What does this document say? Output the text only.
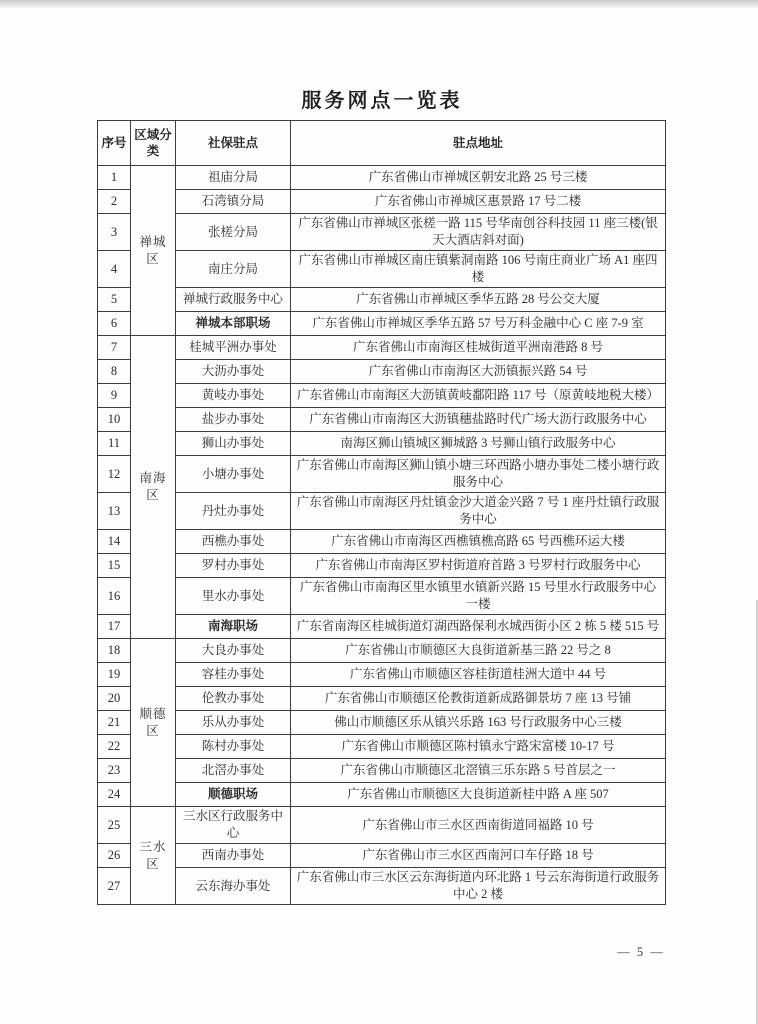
服务网点一览表
序号	区域分类	社保驻点	驻点地址
1	禅城区	祖庙分局	广东省佛山市禅城区朝安北路 25 号三楼
2		石湾镇分局	广东省佛山市禅城区惠景路 17 号二楼
3		张槎分局	广东省佛山市禅城区张槎一路 115 号华南创谷科技园 11 座三楼(银天大酒店斜对面)
4		南庄分局	广东省佛山市禅城区南庄镇紫洞南路 106 号南庄商业广场 A1 座四楼
5		禅城行政服务中心	广东省佛山市禅城区季华五路 28 号公交大厦
6		禅城本部职场	广东省佛山市禅城区季华五路 57 号万科金融中心 C 座 7-9 室
7	南海区	桂城平洲办事处	广东省佛山市南海区桂城街道平洲南港路 8 号
8		大沥办事处	广东省佛山市南海区大沥镇振兴路 54 号
9		黄岐办事处	广东省佛山市南海区大沥镇黄岐鄱阳路 117 号（原黄岐地税大楼）
10		盐步办事处	广东省佛山市南海区大沥镇穗盐路时代广场大沥行政服务中心
11		狮山办事处	南海区狮山镇城区狮城路 3 号狮山镇行政服务中心
12		小塘办事处	广东省佛山市南海区狮山镇小塘三环西路小塘办事处二楼小塘行政服务中心
13		丹灶办事处	广东省佛山市南海区丹灶镇金沙大道金兴路 7 号 1 座丹灶镇行政服务中心
14		西樵办事处	广东省佛山市南海区西樵镇樵高路 65 号西樵环运大楼
15		罗村办事处	广东省佛山市南海区罗村街道府首路 3 号罗村行政服务中心
16		里水办事处	广东省佛山市南海区里水镇里水镇新兴路 15 号里水行政服务中心一楼
17		南海职场	广东省南海区桂城街道灯湖西路保利水城西街小区 2 栋 5 楼 515 号
18	顺德区	大良办事处	广东省佛山市顺德区大良街道新基三路 22 号之 8
19		容桂办事处	广东省佛山市顺德区容桂街道桂洲大道中 44 号
20		伦教办事处	广东省佛山市顺德区伦教街道新成路御景坊 7 座 13 号铺
21		乐从办事处	佛山市顺德区乐从镇兴乐路 163 号行政服务中心三楼
22		陈村办事处	广东省佛山市顺德区陈村镇永宁路宋富楼 10-17 号
23		北滘办事处	广东省佛山市顺德区北滘镇三乐东路 5 号首层之一
24		顺德职场	广东省佛山市顺德区大良街道新桂中路 A 座 507
25	三水区	三水区行政服务中心	广东省佛山市三水区西南街道同福路 10 号
26		西南办事处	广东省佛山市三水区西南河口车仔路 18 号
27		云东海办事处	广东省佛山市三水区云东海街道内环北路 1 号云东海街道行政服务中心 2 楼
— 5 —
